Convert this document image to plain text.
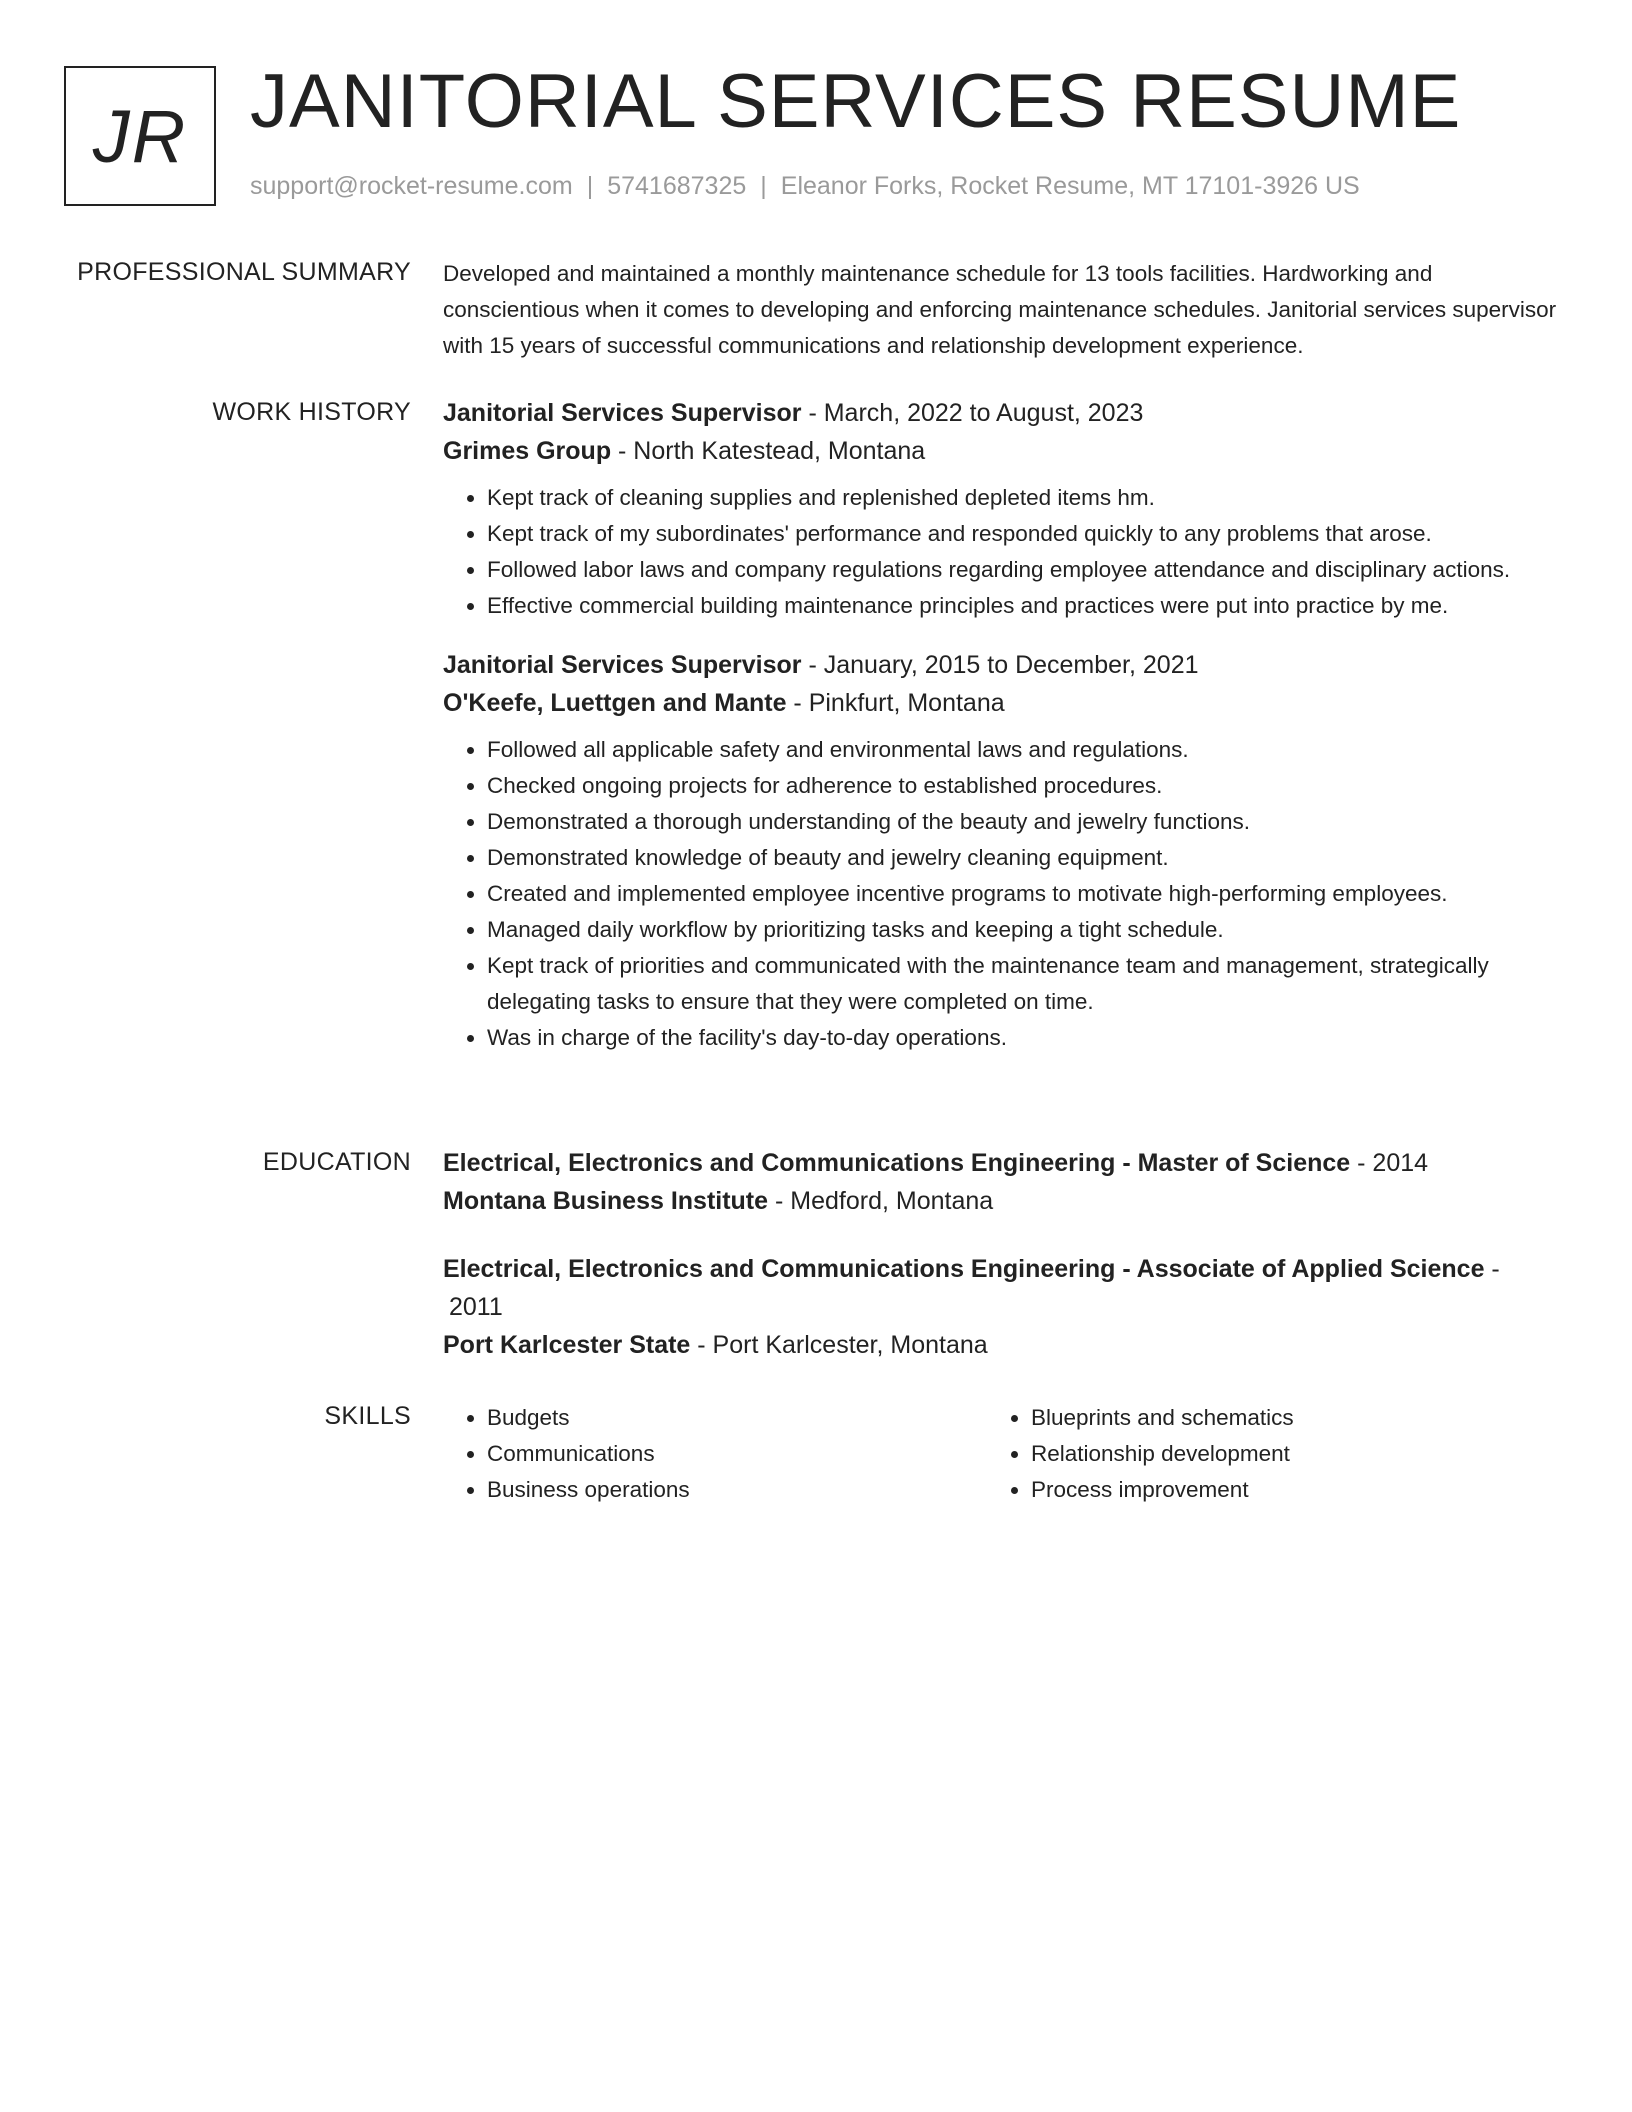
JR JANITORIAL SERVICES RESUME
support@rocket-resume.com | 5741687325 | Eleanor Forks, Rocket Resume, MT 17101-3926 US
PROFESSIONAL SUMMARY Developed and maintained a monthly maintenance schedule for 13 tools facilities. Hardworking and conscientious when it comes to developing and enforcing maintenance schedules. Janitorial services supervisor with 15 years of successful communications and relationship development experience.

WORK HISTORY Janitorial Services Supervisor - March, 2022 to August, 2023

Grimes Group - North Katestead, Montana

• Kept track of cleaning supplies and replenished depleted items hm.
• Kept track of my subordinates' performance and responded quickly to any problems that arose.
• Followed labor laws and company regulations regarding employee attendance and disciplinary actions.
• Effective commercial building maintenance principles and practices were put into practice by me.

Janitorial Services Supervisor - January, 2015 to December, 2021

O'Keefe, Luettgen and Mante - Pinkfurt, Montana

• Followed all applicable safety and environmental laws and regulations.
• Checked ongoing projects for adherence to established procedures.
• Demonstrated a thorough understanding of the beauty and jewelry functions.
• Demonstrated knowledge of beauty and jewelry cleaning equipment.
• Created and implemented employee incentive programs to motivate high-performing employees.
• Managed daily workflow by prioritizing tasks and keeping a tight schedule.
• Kept track of priorities and communicated with the maintenance team and management, strategically delegating tasks to ensure that they were completed on time.
• Was in charge of the facility's day-to-day operations.
EDUCATION Electrical, Electronics and Communications Engineering - Master of Science - 2014

Montana Business Institute - Medford, Montana

Electrical, Electronics and Communications Engineering - Associate of Applied Science -

2011

Port Karlcester State - Port Karlcester, Montana

SKILLS
•	Budgets
• Communications
• Business operations
• Blueprints and schematics
• Relationship development
• Process improvement
